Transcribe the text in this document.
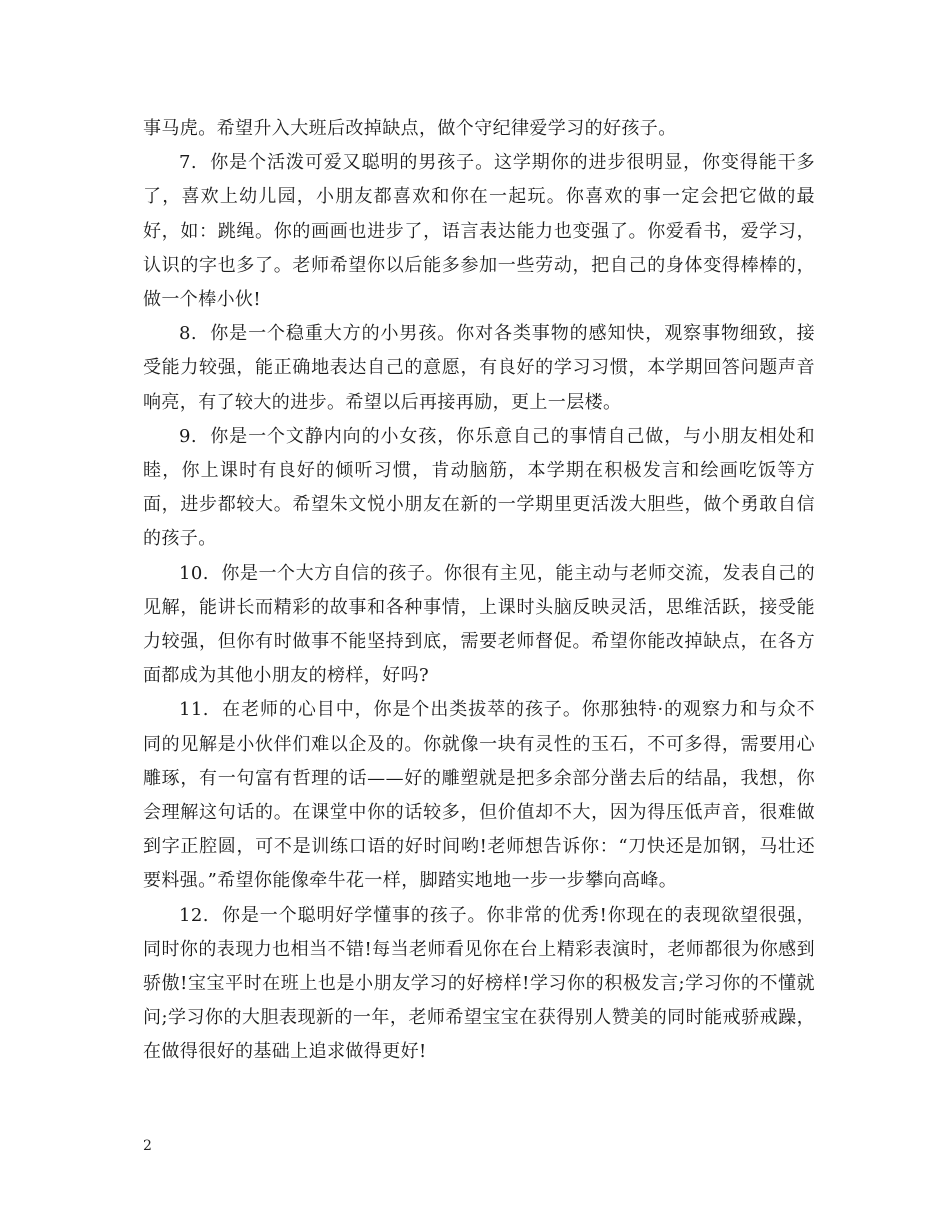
事马虎。希望升入大班后改掉缺点，做个守纪律爱学习的好孩子。

7. 你是个活泼可爱又聪明的男孩子。这学期你的进步很明显，你变得能干多了，喜欢上幼儿园，小朋友都喜欢和你在一起玩。你喜欢的事一定会把它做的最好，如：跳绳。你的画画也进步了，语言表达能力也变强了。你爱看书，爱学习，认识的字也多了。老师希望你以后能多参加一些劳动，把自己的身体变得棒棒的，做一个棒小伙!

8. 你是一个稳重大方的小男孩。你对各类事物的感知快，观察事物细致，接受能力较强，能正确地表达自己的意愿，有良好的学习习惯，本学期回答问题声音响亮，有了较大的进步。希望以后再接再励，更上一层楼。

9. 你是一个文静内向的小女孩，你乐意自己的事情自己做，与小朋友相处和睦，你上课时有良好的倾听习惯，肯动脑筋，本学期在积极发言和绘画吃饭等方面，进步都较大。希望朱文悦小朋友在新的一学期里更活泼大胆些，做个勇敢自信的孩子。

10. 你是一个大方自信的孩子。你很有主见，能主动与老师交流，发表自己的见解，能讲长而精彩的故事和各种事情，上课时头脑反映灵活，思维活跃，接受能力较强，但你有时做事不能坚持到底，需要老师督促。希望你能改掉缺点，在各方面都成为其他小朋友的榜样，好吗?

11. 在老师的心目中，你是个出类拔萃的孩子。你那独特·的观察力和与众不同的见解是小伙伴们难以企及的。你就像一块有灵性的玉石，不可多得，需要用心雕琢，有一句富有哲理的话——好的雕塑就是把多余部分凿去后的结晶，我想，你会理解这句话的。在课堂中你的话较多，但价值却不大，因为得压低声音，很难做到字正腔圆，可不是训练口语的好时间哟!老师想告诉你：“刀快还是加钢，马壮还要料强。”希望你能像牵牛花一样，脚踏实地地一步一步攀向高峰。

12. 你是一个聪明好学懂事的孩子。你非常的优秀!你现在的表现欲望很强，同时你的表现力也相当不错!每当老师看见你在台上精彩表演时，老师都很为你感到骄傲!宝宝平时在班上也是小朋友学习的好榜样!学习你的积极发言;学习你的不懂就问;学习你的大胆表现新的一年，老师希望宝宝在获得别人赞美的同时能戒骄戒躁，在做得很好的基础上追求做得更好!

2
